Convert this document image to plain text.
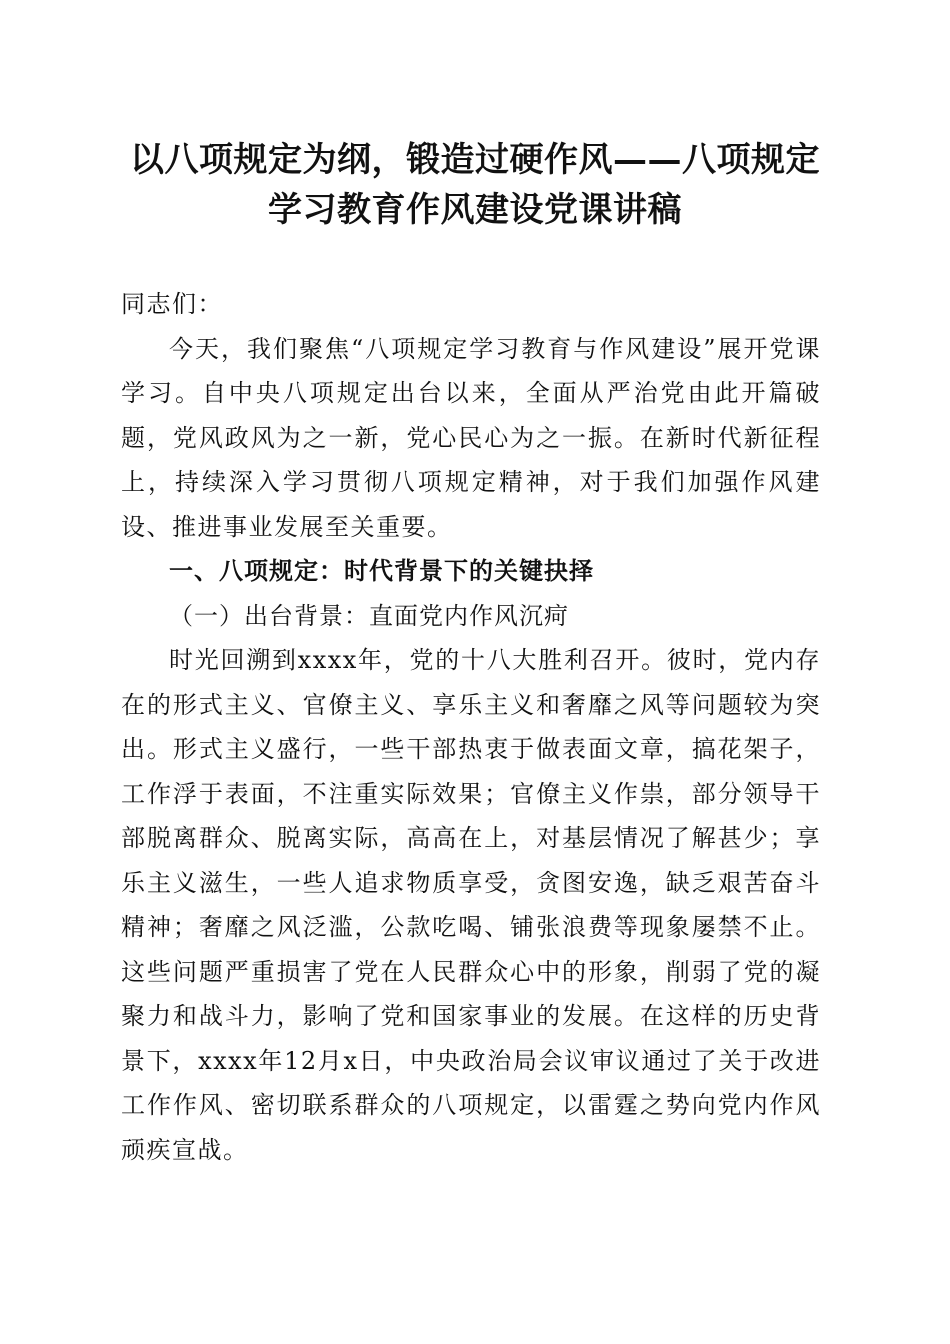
以八项规定为纲，锻造过硬作风——八项规定
学习教育作风建设党课讲稿

同志们：

今天，我们聚焦“八项规定学习教育与作风建设”展开党课学习。自中央八项规定出台以来，全面从严治党由此开篇破题，党风政风为之一新，党心民心为之一振。在新时代新征程上，持续深入学习贯彻八项规定精神，对于我们加强作风建设、推进事业发展至关重要。

一、八项规定：时代背景下的关键抉择

（一）出台背景：直面党内作风沉疴

时光回溯到xxxx年，党的十八大胜利召开。彼时，党内存在的形式主义、官僚主义、享乐主义和奢靡之风等问题较为突出。形式主义盛行，一些干部热衷于做表面文章，搞花架子，工作浮于表面，不注重实际效果；官僚主义作祟，部分领导干部脱离群众、脱离实际，高高在上，对基层情况了解甚少；享乐主义滋生，一些人追求物质享受，贪图安逸，缺乏艰苦奋斗精神；奢靡之风泛滥，公款吃喝、铺张浪费等现象屡禁不止。这些问题严重损害了党在人民群众心中的形象，削弱了党的凝聚力和战斗力，影响了党和国家事业的发展。在这样的历史背景下，xxxx年12月x日，中央政治局会议审议通过了关于改进工作作风、密切联系群众的八项规定，以雷霆之势向党内作风顽疾宣战。
